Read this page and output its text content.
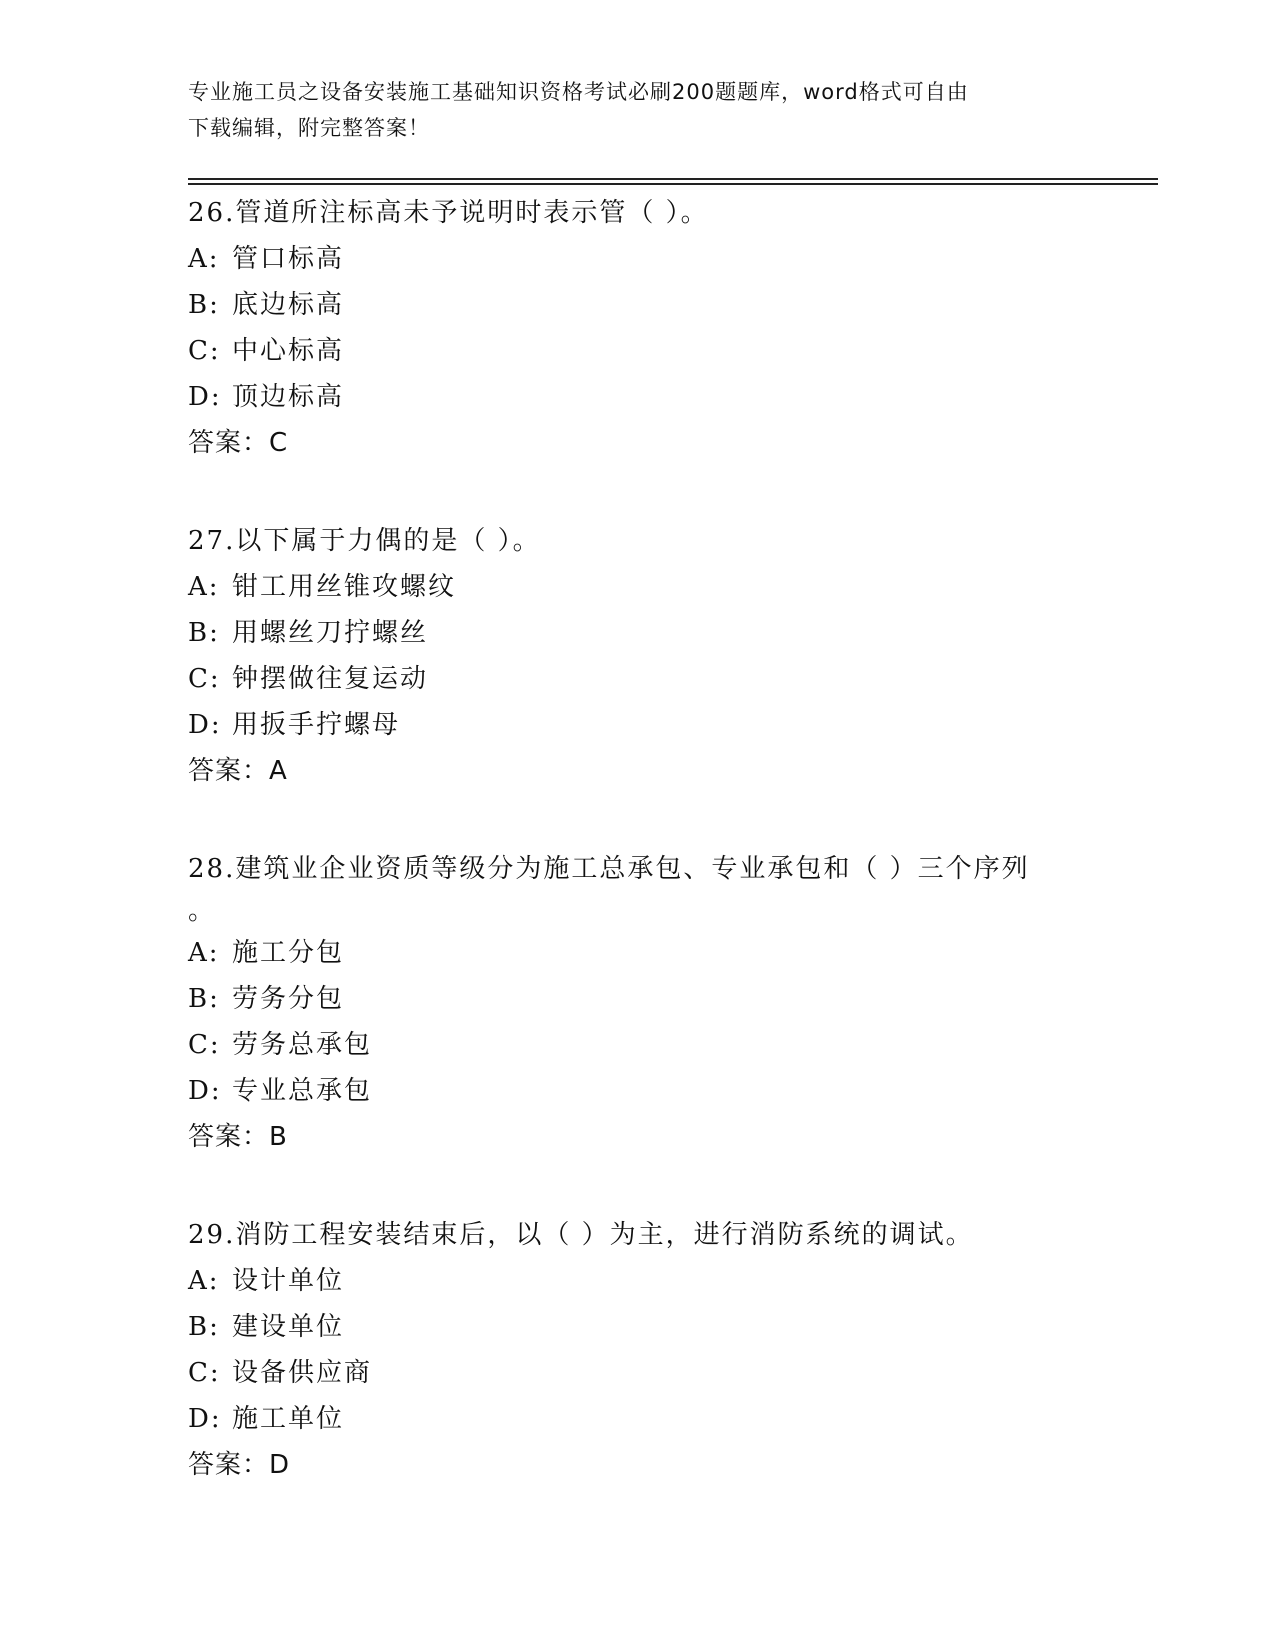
专业施工员之设备安装施工基础知识资格考试必刷200题题库，word格式可自由
下载编辑，附完整答案！
26.管道所注标高未予说明时表示管（ ）。
A: 管口标高
B: 底边标高
C: 中心标高
D: 顶边标高
答案：C
27.以下属于力偶的是（ ）。
A: 钳工用丝锥攻螺纹
B: 用螺丝刀拧螺丝
C: 钟摆做往复运动
D: 用扳手拧螺母
答案：A
28.建筑业企业资质等级分为施工总承包、专业承包和（ ）三个序列
。
A: 施工分包
B: 劳务分包
C: 劳务总承包
D: 专业总承包
答案：B
29.消防工程安装结束后，以（ ）为主，进行消防系统的调试。
A: 设计单位
B: 建设单位
C: 设备供应商
D: 施工单位
答案：D
